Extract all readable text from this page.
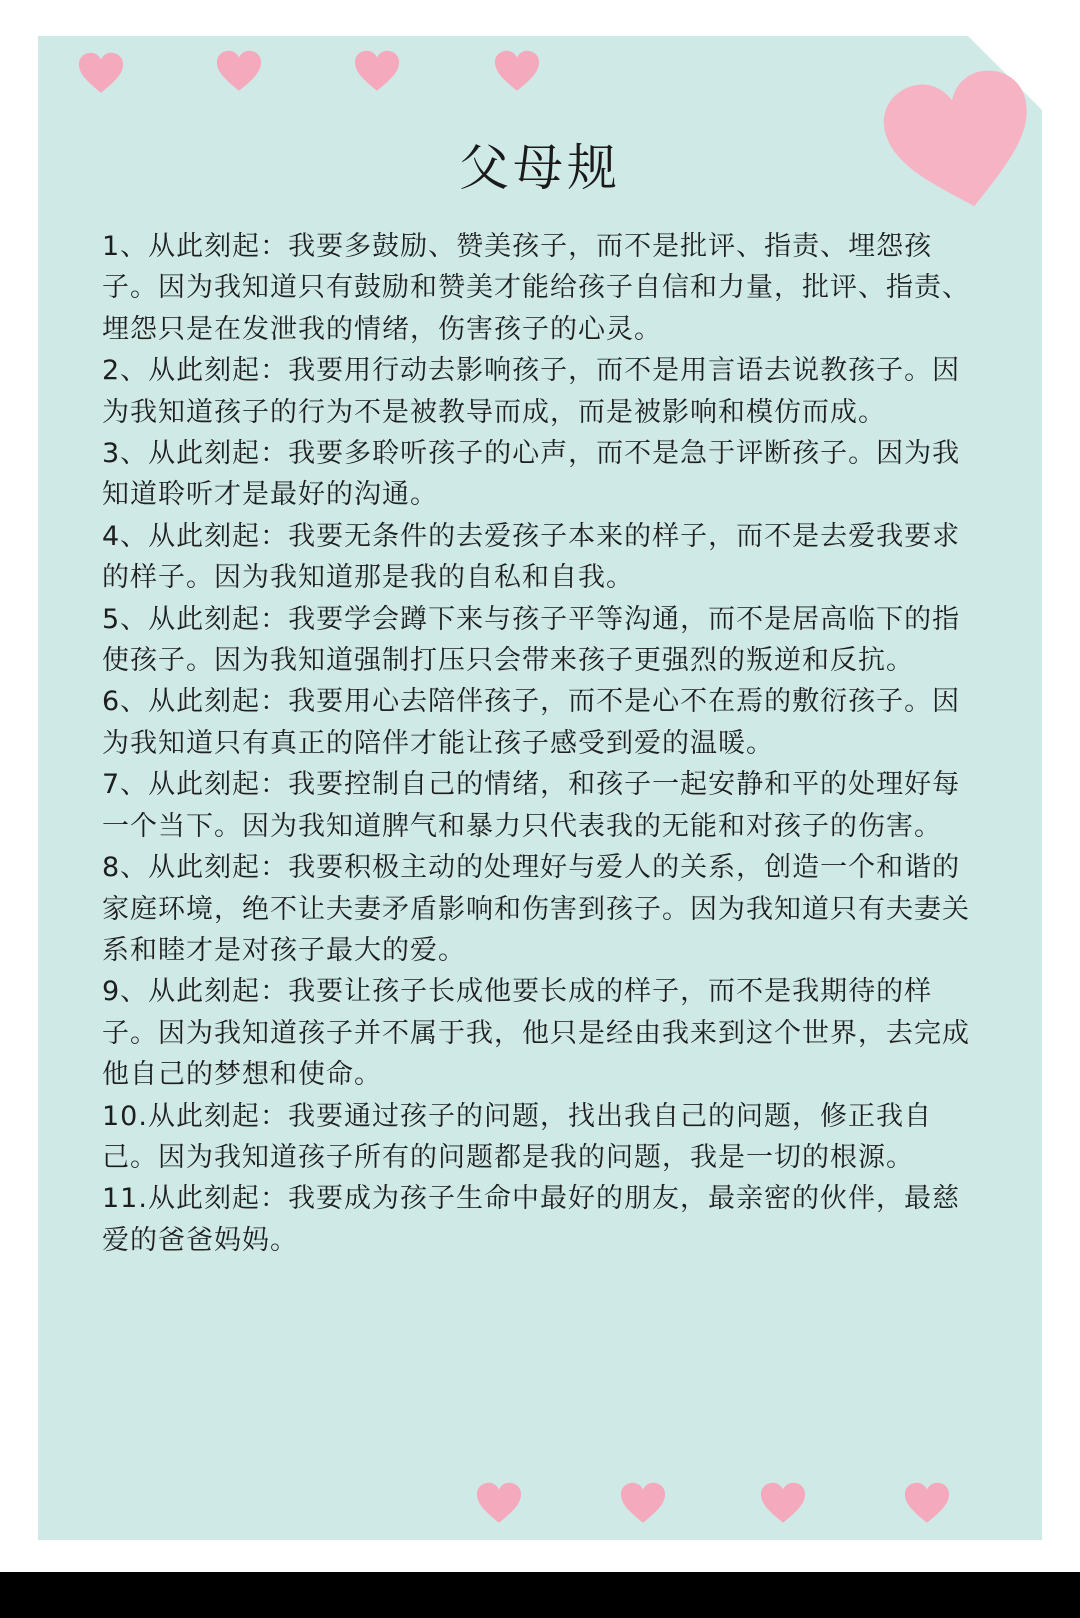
父母规

1、从此刻起：我要多鼓励、赞美孩子，而不是批评、指责、埋怨孩子。因为我知道只有鼓励和赞美才能给孩子自信和力量，批评、指责、埋怨只是在发泄我的情绪，伤害孩子的心灵。

2、从此刻起：我要用行动去影响孩子，而不是用言语去说教孩子。因为我知道孩子的行为不是被教导而成，而是被影响和模仿而成。

3、从此刻起：我要多聆听孩子的心声，而不是急于评断孩子。因为我知道聆听才是最好的沟通。

4、从此刻起：我要无条件的去爱孩子本来的样子，而不是去爱我要求的样子。因为我知道那是我的自私和自我。

5、从此刻起：我要学会蹲下来与孩子平等沟通，而不是居高临下的指使孩子。因为我知道强制打压只会带来孩子更强烈的叛逆和反抗。

6、从此刻起：我要用心去陪伴孩子，而不是心不在焉的敷衍孩子。因为我知道只有真正的陪伴才能让孩子感受到爱的温暖。

7、从此刻起：我要控制自己的情绪，和孩子一起安静和平的处理好每一个当下。因为我知道脾气和暴力只代表我的无能和对孩子的伤害。

8、从此刻起：我要积极主动的处理好与爱人的关系，创造一个和谐的家庭环境，绝不让夫妻矛盾影响和伤害到孩子。因为我知道只有夫妻关系和睦才是对孩子最大的爱。

9、从此刻起：我要让孩子长成他要长成的样子，而不是我期待的样子。因为我知道孩子并不属于我，他只是经由我来到这个世界，去完成他自己的梦想和使命。

10.从此刻起：我要通过孩子的问题，找出我自己的问题，修正我自己。因为我知道孩子所有的问题都是我的问题，我是一切的根源。

11.从此刻起：我要成为孩子生命中最好的朋友，最亲密的伙伴，最慈爱的爸爸妈妈。
